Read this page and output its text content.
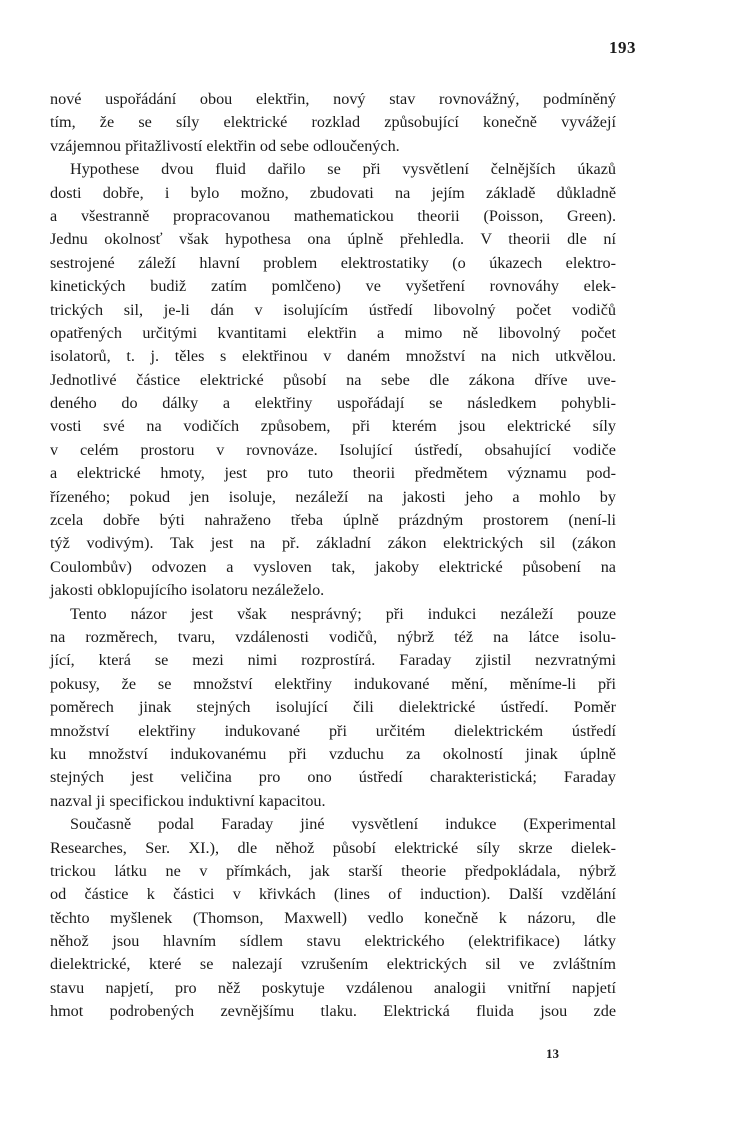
193
nové uspořádání obou elektřin, nový stav rovnovážný, podmíněný
tím, že se síly elektrické rozklad způsobující konečně vyvážejí
vzájemnou přitažlivostí elektřin od sebe odloučených.
Hypothese dvou fluid dařilo se při vysvětlení čelnějších úkazů
dosti dobře, i bylo možno, zbudovati na jejím základě důkladně
a všestranně propracovanou mathematickou theorii (Poisson, Green).
Jednu okolnosť však hypothesa ona úplně přehledla. V theorii dle ní
sestrojené záleží hlavní problem elektrostatiky (o úkazech elektro-
kinetických budiž zatím pomlčeno) ve vyšetření rovnováhy elek-
trických sil, je-li dán v isolujícím ústředí libovolný počet vodičů
opatřených určitými kvantitami elektřin a mimo ně libovolný počet
isolatorů, t. j. těles s elektřinou v daném množství na nich utkvělou.
Jednotlivé částice elektrické působí na sebe dle zákona dříve uve-
deného do dálky a elektřiny uspořádají se následkem pohybli-
vosti své na vodičích způsobem, při kterém jsou elektrické síly
v celém prostoru v rovnováze. Isolující ústředí, obsahující vodiče
a elektrické hmoty, jest pro tuto theorii předmětem významu pod-
řízeného; pokud jen isoluje, nezáleží na jakosti jeho a mohlo by
zcela dobře býti nahraženo třeba úplně prázdným prostorem (není-li
týž vodivým). Tak jest na př. základní zákon elektrických sil (zákon
Coulombův) odvozen a vysloven tak, jakoby elektrické působení na
jakosti obklopujícího isolatoru nezáleželo.
Tento názor jest však nesprávný; při indukci nezáleží pouze
na rozměrech, tvaru, vzdálenosti vodičů, nýbrž též na látce isolu-
jící, která se mezi nimi rozprostírá. Faraday zjistil nezvratnými
pokusy, že se množství elektřiny indukované mění, měníme-li při
poměrech jinak stejných isolující čili dielektrické ústředí. Poměr
množství elektřiny indukované při určitém dielektrickém ústředí
ku množství indukovanému při vzduchu za okolností jinak úplně
stejných jest veličina pro ono ústředí charakteristická; Faraday
nazval ji specifickou induktivní kapacitou.
Současně podal Faraday jiné vysvětlení indukce (Experimental
Researches, Ser. XI.), dle něhož působí elektrické síly skrze dielek-
trickou látku ne v přímkách, jak starší theorie předpokládala, nýbrž
od částice k částici v křivkách (lines of induction). Další vzdělání
těchto myšlenek (Thomson, Maxwell) vedlo konečně k názoru, dle
něhož jsou hlavním sídlem stavu elektrického (elektrifikace) látky
dielektrické, které se nalezají vzrušením elektrických sil ve zvláštním
stavu napjetí, pro něž poskytuje vzdálenou analogii vnitřní napjetí
hmot podrobených zevnějšímu tlaku. Elektrická fluida jsou zde
13
